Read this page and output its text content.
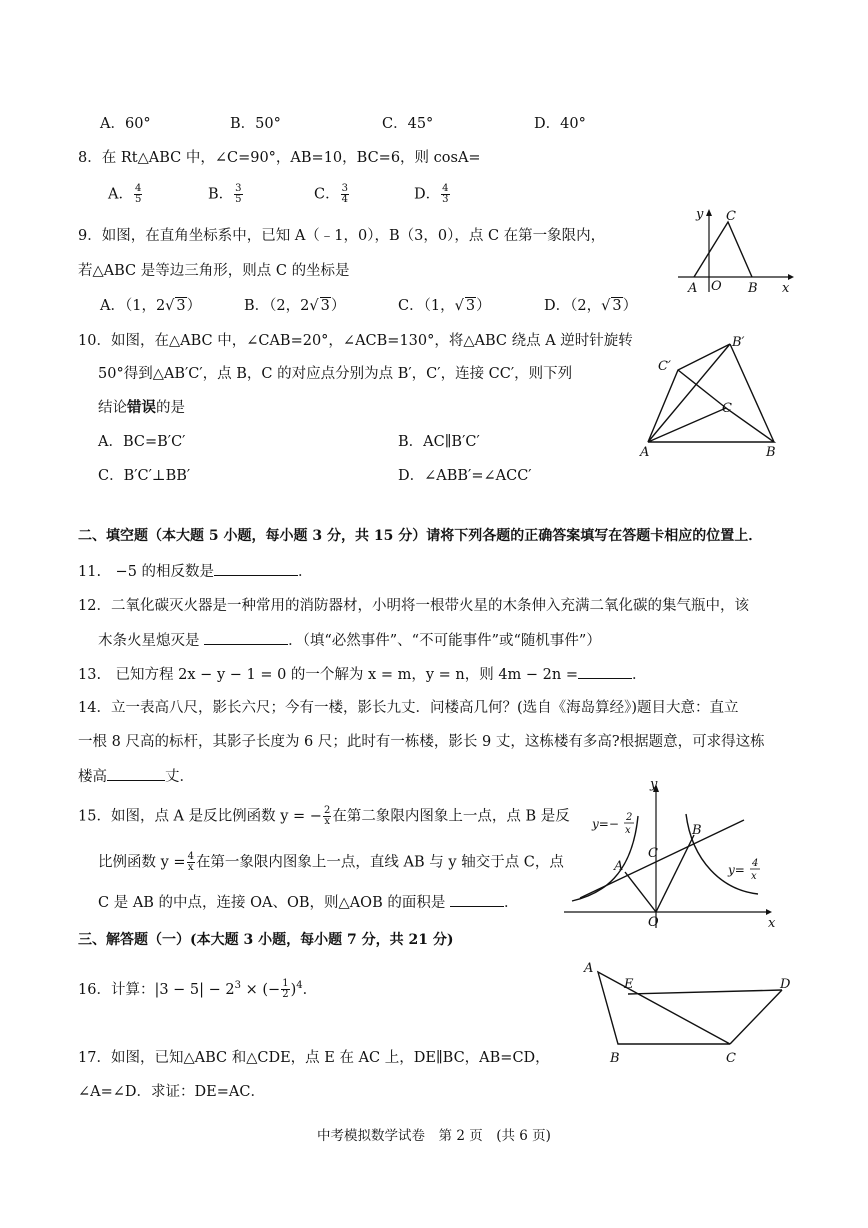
A．60°	B．50°	C．45°	D．40°
8．在 Rt△ABC 中，∠C=90°，AB=10，BC=6，则 cosA=
A． $\frac{4}{5}$	B． $\frac{3}{5}$	C． $\frac{3}{4}$	D． $\frac{4}{3}$
9．如图，在直角坐标系中，已知 A（﹣1，0），B（3，0），点 C 在第一象限内，
若△ABC 是等边三角形，则点 C 的坐标是
A．（1，2√ 3）	B．（2，2√ 3）	C．（1，√ 3）	D．（2，√ 3）
y C
A O B x
10．如图，在△ABC 中，∠CAB=20°，∠ACB=130°，将△ABC 绕点 A 逆时针旋转
50°得到△AB′C′，点 B，C 的对应点分别为点 B′，C′，连接 CC′，则下列
结论错误的是
A．BC=B′C′	B．AC∥B′C′
C．B′C′⊥BB′	D．∠ABB′=∠ACC′
B′
C′
C
A	B
二、填空题（本大题 5 小题，每小题 3 分，共 15 分）请将下列各题的正确答案填写在答题卡相应的位置上．
11.　−5 的相反数是	．
12．二氧化碳灭火器是一种常用的消防器材，小明将一根带火星的木条伸入充满二氧化碳的集气瓶中，该
木条火星熄灭是	．（填“必然事件”、“不可能事件”或“随机事件”）
13.　已知方程 2x − y − 1 = 0 的一个解为 x = m，y = n，则 4m − 2n =	．
14．立一表高八尺，影长六尺；今有一楼，影长九丈．问楼高几何？(选自《海岛算经》)题目大意：直立
一根 8 尺高的标杆，其影子长度为 6 尺；此时有一栋楼，影长 9 丈，这栋楼有多高?根据题意，可求得这栋
楼高	丈．
15．如图，点 A 是反比例函数 y = − $\frac{2}{x}$ 在第二象限内图象上一点，点 B 是反
比例函数 $y = \frac{4}{x}$ 在第一象限内图象上一点，直线 AB 与 y 轴交于点 C，点
C 是 AB 的中点，连接 OA、OB，则△AOB 的面积是	．
y
x
O
A
B
C
y=− 2
x
y= 4
x
三、解答题（一）(本大题 3 小题，每小题 7 分，共 21 分)
16．计算：$|3 - 5| - 2^3$ × (− $\frac{1}{2} )^4$．
A
E	D
B	C
17．如图，已知△ABC 和△CDE，点 E 在 AC 上，DE∥BC，AB=CD，
∠A=∠D．求证：DE=AC．
中考模拟数学试卷　第 2 页　(共 6 页)
